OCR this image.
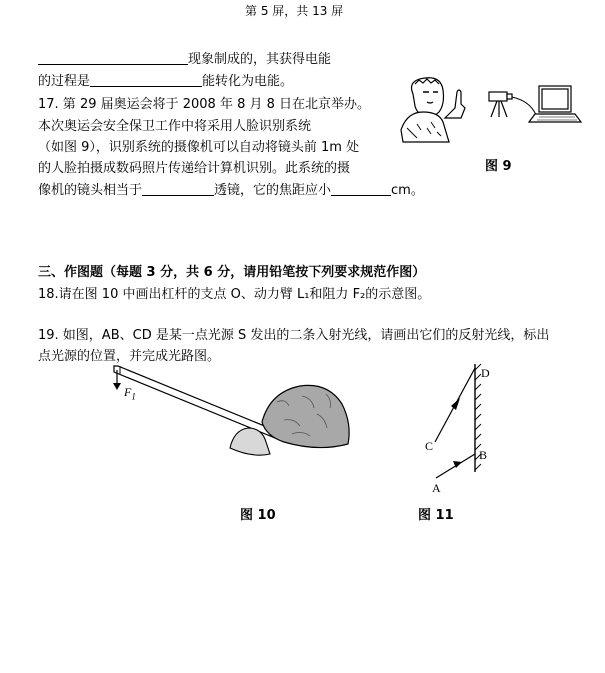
第 5 屏，共 13 屏
现象制成的，其获得电能
的过程是	能转化为电能。
17. 第 29 届奥运会将于 2008 年 8 月 8 日在北京举办。
本次奥运会安全保卫工作中将采用人脸识别系统
（如图 9），识别系统的摄像机可以自动将镜头前 1m 处
的人脸拍摄成数码照片传递给计算机识别。此系统的摄
像机的镜头相当于	透镜，它的焦距应小	cm。
图 9
三、作图题（每题 3 分，共 6 分，请用铅笔按下列要求规范作图）
18.请在图 10 中画出杠杆的支点 O、动力臂 L₁和阻力 F₂的示意图。
19. 如图，AB、CD 是某一点光源 S 发出的二条入射光线，请画出它们的反射光线，标出
点光源的位置，并完成光路图。
$F_1$
图 10
D
C
B
A
图 11
